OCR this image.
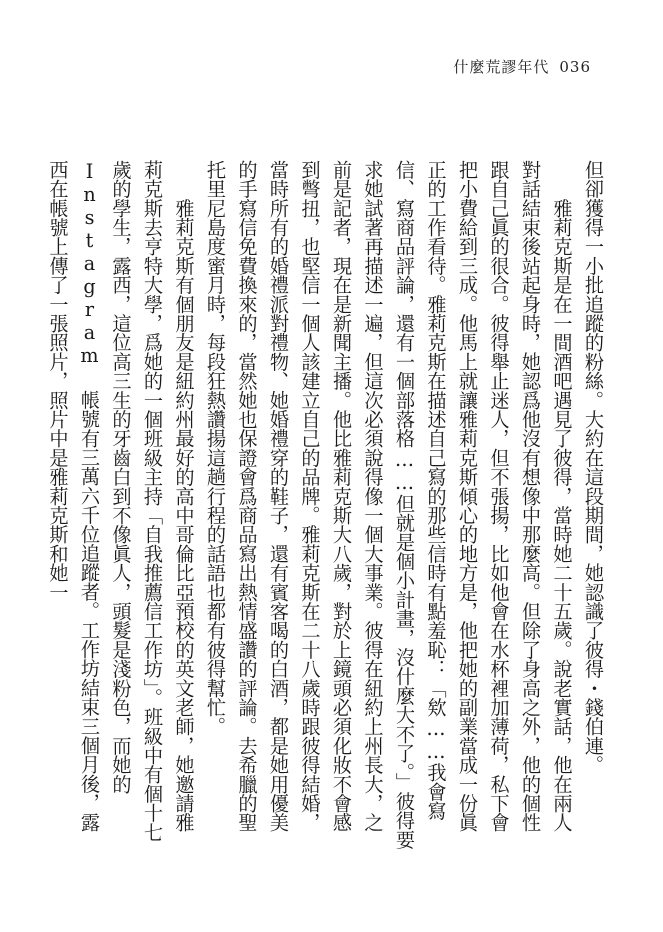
什麼荒謬年代 036

但卻獲得一小批追蹤的粉絲。大約在這段期間，她認識了彼得・錢伯連。

雅莉克斯是在一間酒吧遇見了彼得，當時她二十五歲。說老實話，他在兩人對話結束後站起身時，她認爲他沒有想像中那麼高。但除了身高之外，他的個性跟自己眞的很合。彼得舉止迷人，但不張揚，比如他會在水杯裡加薄荷，私下會把小費給到三成。他馬上就讓雅莉克斯傾心的地方是，他把她的副業當成一份眞正的工作看待。雅莉克斯在描述自己寫的那些信時有點羞恥：「欸……我會寫信、寫商品評論，還有一個部落格……但就是個小計畫，沒什麼大不了。」彼得要求她試著再描述一遍，但這次必須說得像一個大事業。彼得在紐約上州長大，之前是記者，現在是新聞主播。他比雅莉克斯大八歲，對於上鏡頭必須化妝不會感到彆扭，也堅信一個人該建立自己的品牌。雅莉克斯在二十八歲時跟彼得結婚，當時所有的婚禮派對禮物、她婚禮穿的鞋子，還有賓客喝的白酒，都是她用優美的手寫信免費換來的，當然她也保證會爲商品寫出熱情盛讚的評論。去希臘的聖托里尼島度蜜月時，每段狂熱讚揚這趟行程的話語也都有彼得幫忙。

雅莉克斯有個朋友是紐約州最好的高中哥倫比亞預校的英文老師，她邀請雅莉克斯去亨特大學，爲她的一個班級主持「自我推薦信工作坊」。班級中有個十七歲的學生，露西，這位高三生的牙齒白到不像眞人，頭髮是淺粉色，而她的 Instagram 帳號有三萬六千位追蹤者。工作坊結束三個月後，露西在帳號上傳了一張照片，照片中是雅莉克斯和她一
